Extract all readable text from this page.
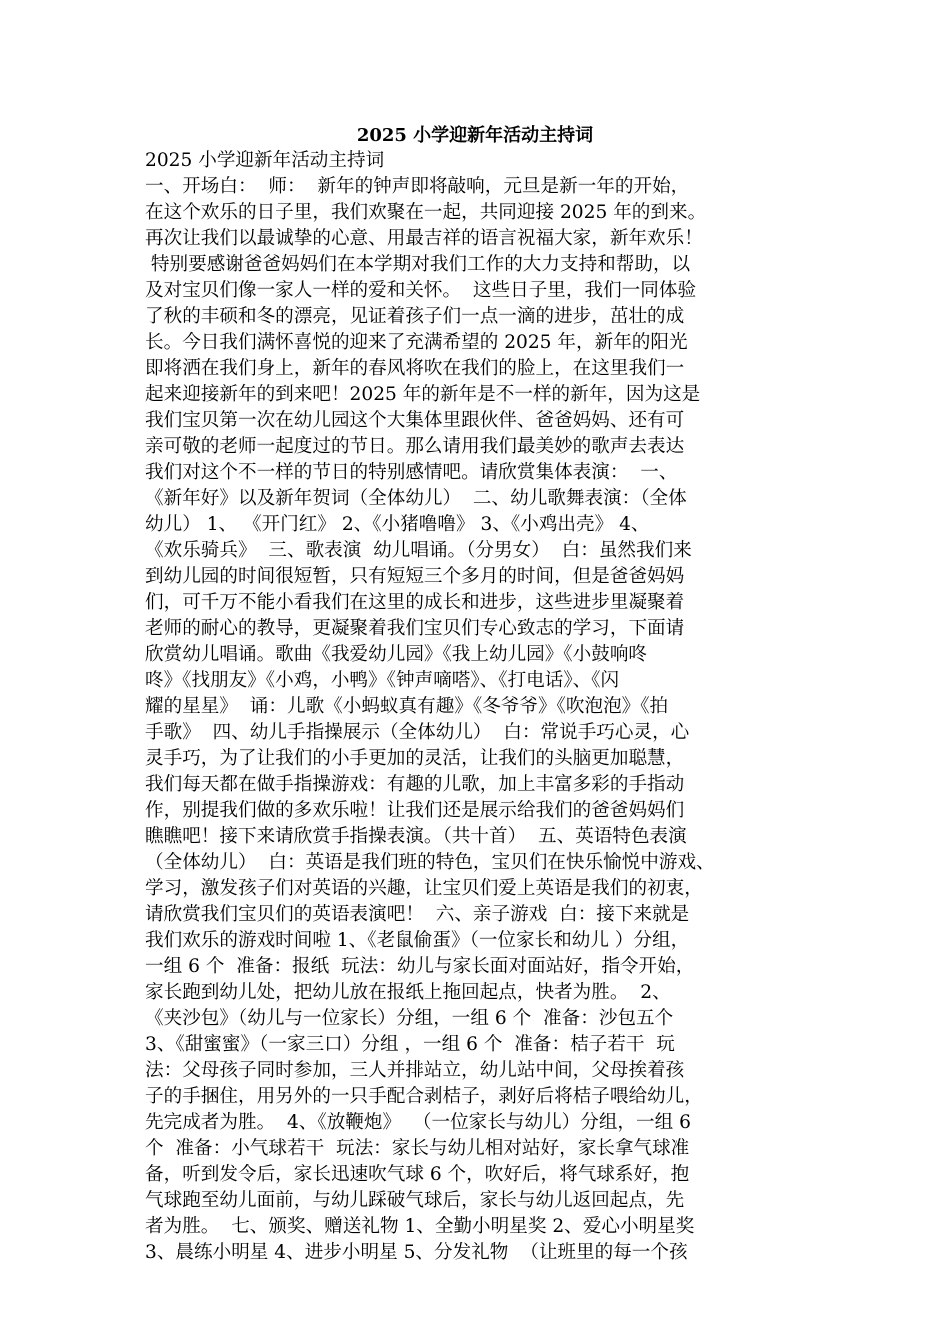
2025 小学迎新年活动主持词
2025 小学迎新年活动主持词
一、开场白：  师：  新年的钟声即将敲响，元旦是新一年的开始，
在这个欢乐的日子里，我们欢聚在一起，共同迎接 2025 年的到来。
再次让我们以最诚挚的心意、用最吉祥的语言祝福大家，新年欢乐！
特别要感谢爸爸妈妈们在本学期对我们工作的大力支持和帮助，以
及对宝贝们像一家人一样的爱和关怀。  这些日子里，我们一同体验
了秋的丰硕和冬的漂亮，见证着孩子们一点一滴的进步，茁壮的成
长。今日我们满怀喜悦的迎来了充满希望的 2025 年，新年的阳光
即将洒在我们身上，新年的春风将吹在我们的脸上，在这里我们一
起来迎接新年的到来吧！2025 年的新年是不一样的新年，因为这是
我们宝贝第一次在幼儿园这个大集体里跟伙伴、爸爸妈妈、还有可
亲可敬的老师一起度过的节日。那么请用我们最美妙的歌声去表达
我们对这个不一样的节日的特别感情吧。请欣赏集体表演：  一、
《新年好》以及新年贺词（全体幼儿）  二、幼儿歌舞表演：（全体
幼儿） 1、 《开门红》 2、《小猪噜噜》 3、《小鸡出壳》 4、
《欢乐骑兵》  三、歌表演  幼儿唱诵。（分男女）  白：虽然我们来
到幼儿园的时间很短暂，只有短短三个多月的时间，但是爸爸妈妈
们，可千万不能小看我们在这里的成长和进步，这些进步里凝聚着
老师的耐心的教导，更凝聚着我们宝贝们专心致志的学习，下面请
欣赏幼儿唱诵。歌曲《我爱幼儿园》《我上幼儿园》《小鼓响咚
咚》《找朋友》《小鸡，小鸭》《钟声嘀嗒》、《打电话》、《闪
耀的星星》  诵：儿歌《小蚂蚁真有趣》《冬爷爷》《吹泡泡》《拍
手歌》  四、幼儿手指操展示（全体幼儿）  白：常说手巧心灵，心
灵手巧，为了让我们的小手更加的灵活，让我们的头脑更加聪慧，
我们每天都在做手指操游戏：有趣的儿歌，加上丰富多彩的手指动
作，别提我们做的多欢乐啦！让我们还是展示给我们的爸爸妈妈们
瞧瞧吧！接下来请欣赏手指操表演。（共十首）  五、英语特色表演
（全体幼儿）  白：英语是我们班的特色，宝贝们在快乐愉悦中游戏、
学习，激发孩子们对英语的兴趣，让宝贝们爱上英语是我们的初衷，
请欣赏我们宝贝们的英语表演吧！  六、亲子游戏  白：接下来就是
我们欢乐的游戏时间啦 1、《老鼠偷蛋》（一位家长和幼儿 ）分组，
一组 6 个  准备：报纸  玩法：幼儿与家长面对面站好，指令开始，
家长跑到幼儿处，把幼儿放在报纸上拖回起点，快者为胜。  2、
《夹沙包》（幼儿与一位家长）分组，一组 6 个  准备：沙包五个
3、《甜蜜蜜》（一家三口）分组 ，一组 6 个  准备：桔子若干  玩
法：父母孩子同时参加，三人并排站立，幼儿站中间，父母挨着孩
子的手捆住，用另外的一只手配合剥桔子，剥好后将桔子喂给幼儿，
先完成者为胜。  4、《放鞭炮》  （一位家长与幼儿）分组，一组 6
个  准备：小气球若干  玩法：家长与幼儿相对站好，家长拿气球准
备，听到发令后，家长迅速吹气球 6 个，吹好后，将气球系好，抱
气球跑至幼儿面前，与幼儿踩破气球后，家长与幼儿返回起点，先
者为胜。  七、颁奖、赠送礼物 1、全勤小明星奖 2、爱心小明星奖
3、晨练小明星 4、进步小明星 5、分发礼物  （让班里的每一个孩
